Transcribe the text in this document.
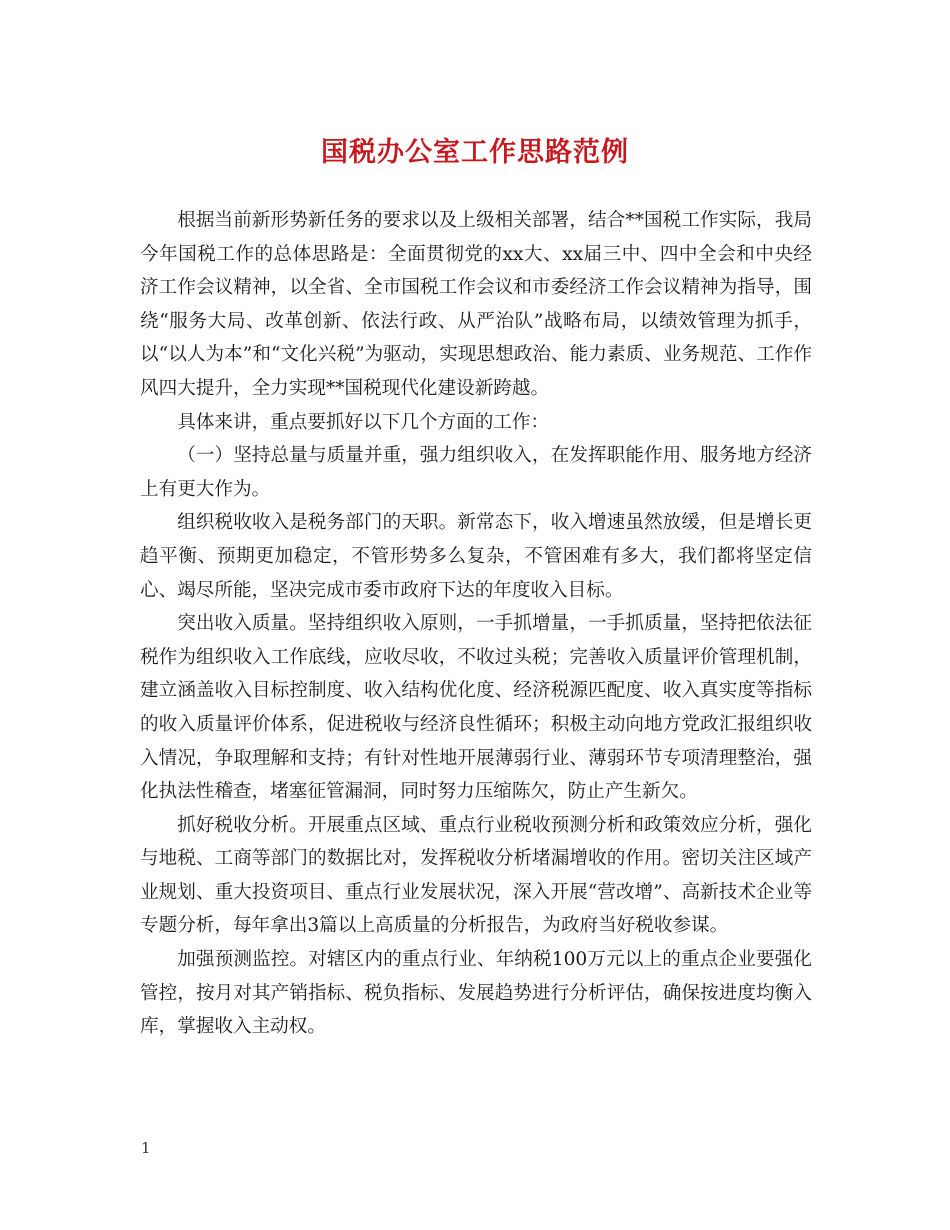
国税办公室工作思路范例

根据当前新形势新任务的要求以及上级相关部署，结合**国税工作实际，我局今年国税工作的总体思路是：全面贯彻党的xx大、xx届三中、四中全会和中央经济工作会议精神，以全省、全市国税工作会议和市委经济工作会议精神为指导，围绕“服务大局、改革创新、依法行政、从严治队”战略布局，以绩效管理为抓手，以“以人为本”和“文化兴税”为驱动，实现思想政治、能力素质、业务规范、工作作风四大提升，全力实现**国税现代化建设新跨越。

具体来讲，重点要抓好以下几个方面的工作：

（一）坚持总量与质量并重，强力组织收入，在发挥职能作用、服务地方经济上有更大作为。

组织税收收入是税务部门的天职。新常态下，收入增速虽然放缓，但是增长更趋平衡、预期更加稳定，不管形势多么复杂，不管困难有多大，我们都将坚定信心、竭尽所能，坚决完成市委市政府下达的年度收入目标。

突出收入质量。坚持组织收入原则，一手抓增量，一手抓质量，坚持把依法征税作为组织收入工作底线，应收尽收，不收过头税；完善收入质量评价管理机制，建立涵盖收入目标控制度、收入结构优化度、经济税源匹配度、收入真实度等指标的收入质量评价体系，促进税收与经济良性循环；积极主动向地方党政汇报组织收入情况，争取理解和支持；有针对性地开展薄弱行业、薄弱环节专项清理整治，强化执法性稽查，堵塞征管漏洞，同时努力压缩陈欠，防止产生新欠。

抓好税收分析。开展重点区域、重点行业税收预测分析和政策效应分析，强化与地税、工商等部门的数据比对，发挥税收分析堵漏增收的作用。密切关注区域产业规划、重大投资项目、重点行业发展状况，深入开展“营改增”、高新技术企业等专题分析，每年拿出3篇以上高质量的分析报告，为政府当好税收参谋。

加强预测监控。对辖区内的重点行业、年纳税100万元以上的重点企业要强化管控，按月对其产销指标、税负指标、发展趋势进行分析评估，确保按进度均衡入库，掌握收入主动权。

1
